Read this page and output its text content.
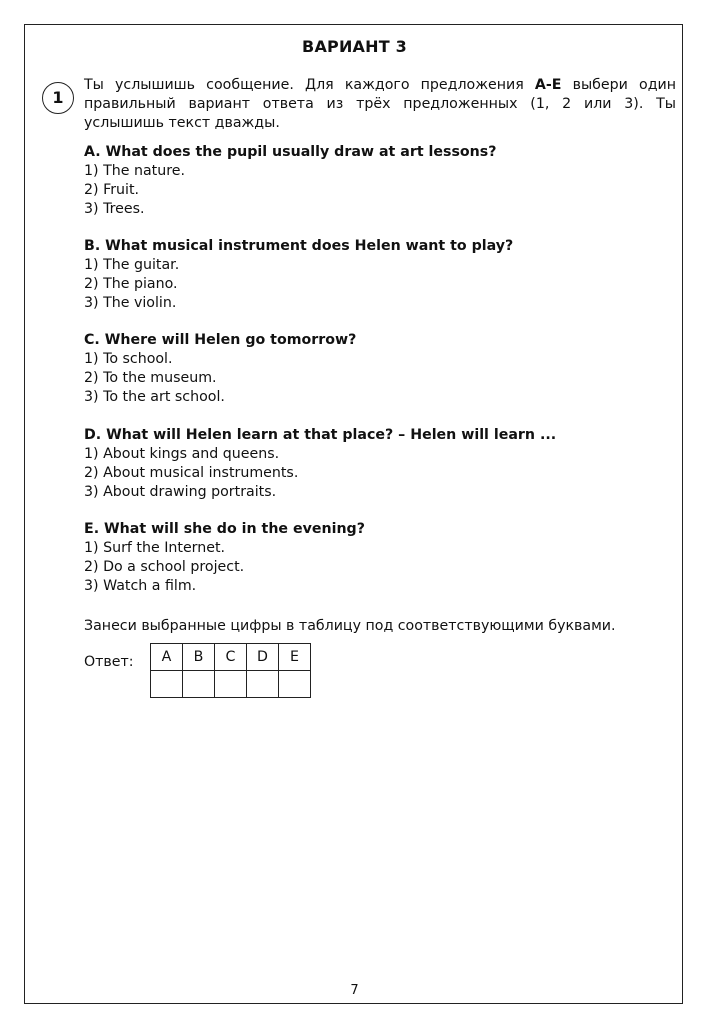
ВАРИАНТ 3
1
Ты услышишь сообщение. Для каждого предложения A-E выбери один правильный вариант ответа из трёх предложенных (1, 2 или 3). Ты услышишь текст дважды.
A. What does the pupil usually draw at art lessons?
1) The nature.
2) Fruit.
3) Trees.
B. What musical instrument does Helen want to play?
1) The guitar.
2) The piano.
3) The violin.
C. Where will Helen go tomorrow?
1) To school.
2) To the museum.
3) To the art school.
D. What will Helen learn at that place? – Helen will learn ...
1) About kings and queens.
2) About musical instruments.
3) About drawing portraits.
E. What will she do in the evening?
1) Surf the Internet.
2) Do a school project.
3) Watch a film.
Занеси выбранные цифры в таблицу под соответствующими буквами.
Ответ: A	B	C	D	E

7
